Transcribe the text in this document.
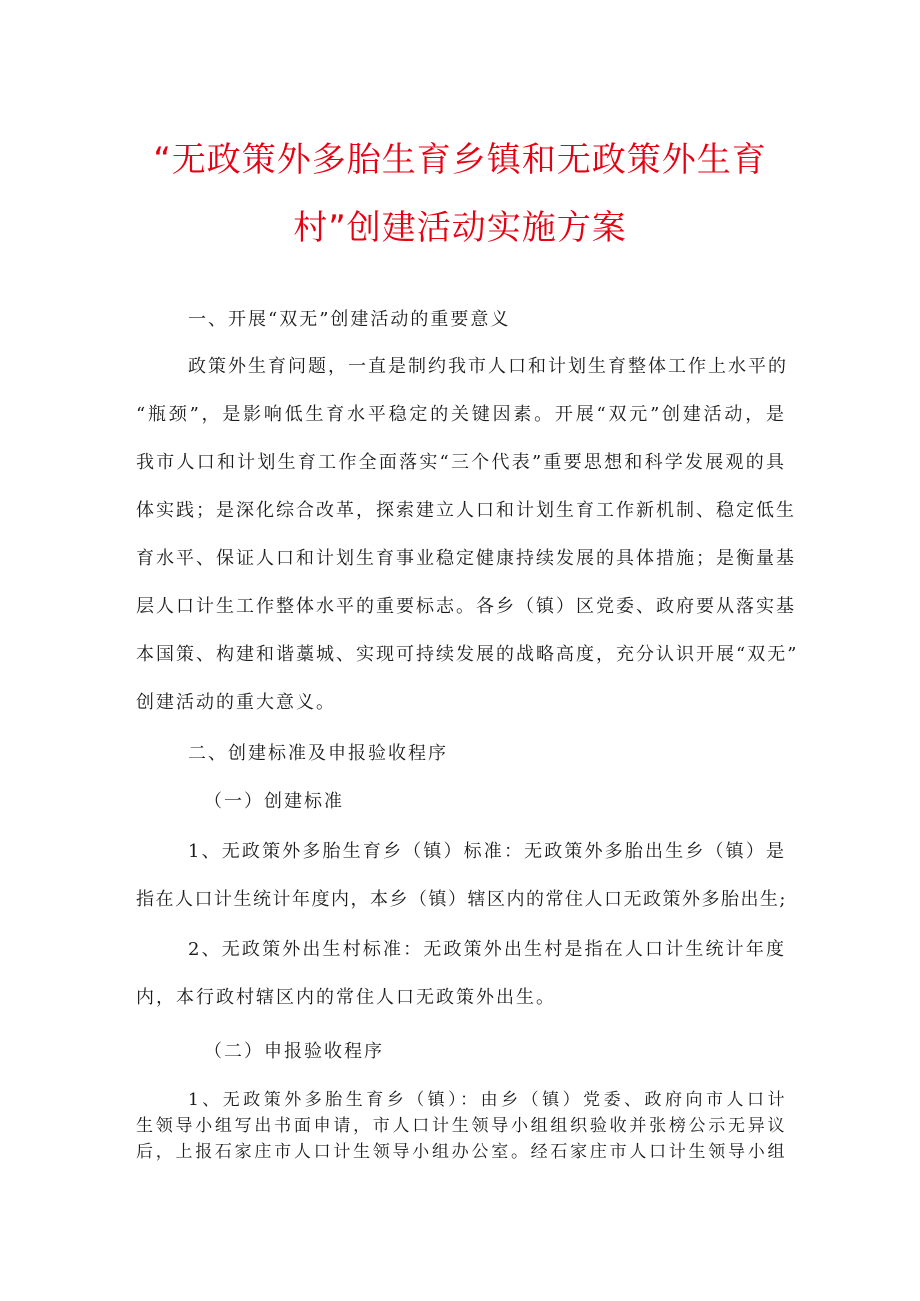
“无政策外多胎生育乡镇和无政策外生育
村”创建活动实施方案
一、开展“双无”创建活动的重要意义
政策外生育问题，一直是制约我市人口和计划生育整体工作上水平的
“瓶颈”，是影响低生育水平稳定的关键因素。开展“双元”创建活动，是
我市人口和计划生育工作全面落实“三个代表”重要思想和科学发展观的具
体实践；是深化综合改革，探索建立人口和计划生育工作新机制、稳定低生
育水平、保证人口和计划生育事业稳定健康持续发展的具体措施；是衡量基
层人口计生工作整体水平的重要标志。各乡（镇）区党委、政府要从落实基
本国策、构建和谐藁城、实现可持续发展的战略高度，充分认识开展“双无”
创建活动的重大意义。
二、创建标准及申报验收程序
（一）创建标准
1、无政策外多胎生育乡（镇）标准：无政策外多胎出生乡（镇）是
指在人口计生统计年度内，本乡（镇）辖区内的常住人口无政策外多胎出生;
2、无政策外出生村标准：无政策外出生村是指在人口计生统计年度
内，本行政村辖区内的常住人口无政策外出生。
（二）申报验收程序
1、无政策外多胎生育乡（镇）：由乡（镇）党委、政府向市人口计
生领导小组写出书面申请，市人口计生领导小组组织验收并张榜公示无异议
后，上报石家庄市人口计生领导小组办公室。经石家庄市人口计生领导小组
